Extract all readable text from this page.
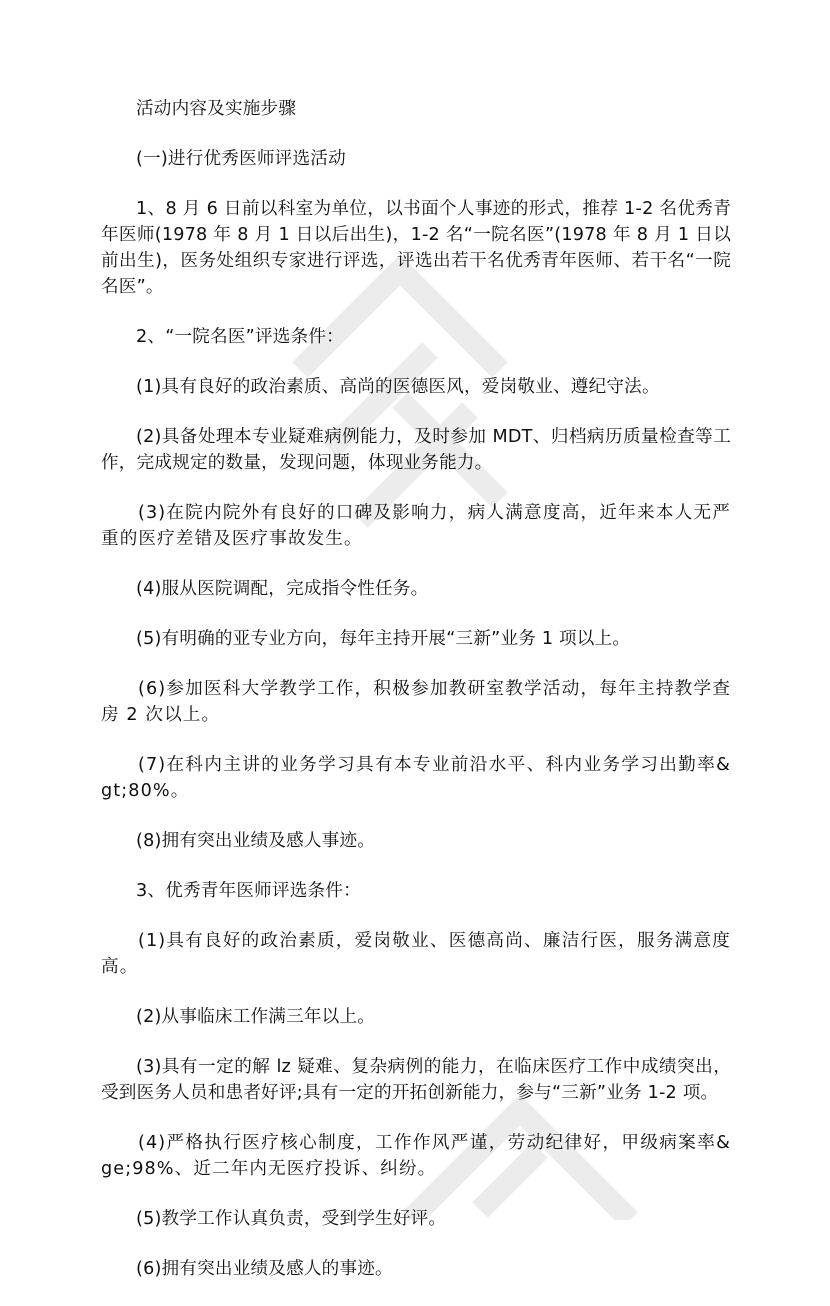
活动内容及实施步骤

(一)进行优秀医师评选活动

1、8 月 6 日前以科室为单位，以书面个人事迹的形式，推荐 1-2 名优秀青年医师(1978 年 8 月 1 日以后出生)，1-2 名“一院名医”(1978 年 8 月 1 日以前出生)，医务处组织专家进行评选，评选出若干名优秀青年医师、若干名“一院名医”。

2、“一院名医”评选条件：

(1)具有良好的政治素质、高尚的医德医风，爱岗敬业、遵纪守法。

(2)具备处理本专业疑难病例能力，及时参加 MDT、归档病历质量检查等工作，完成规定的数量，发现问题，体现业务能力。

(3)在院内院外有良好的口碑及影响力，病人满意度高，近年来本人无严重的医疗差错及医疗事故发生。

(4)服从医院调配，完成指令性任务。

(5)有明确的亚专业方向，每年主持开展“三新”业务 1 项以上。

(6)参加医科大学教学工作，积极参加教研室教学活动，每年主持教学查房 2 次以上。

(7)在科内主讲的业务学习具有本专业前沿水平、科内业务学习出勤率&gt;80%。

(8)拥有突出业绩及感人事迹。

3、优秀青年医师评选条件：

(1)具有良好的政治素质，爱岗敬业、医德高尚、廉洁行医，服务满意度高。

(2)从事临床工作满三年以上。

(3)具有一定的解 lz 疑难、复杂病例的能力，在临床医疗工作中成绩突出，受到医务人员和患者好评;具有一定的开拓创新能力，参与“三新”业务 1-2 项。

(4)严格执行医疗核心制度，工作作风严谨，劳动纪律好，甲级病案率&ge;98%、近二年内无医疗投诉、纠纷。

(5)教学工作认真负责，受到学生好评。

(6)拥有突出业绩及感人的事迹。
